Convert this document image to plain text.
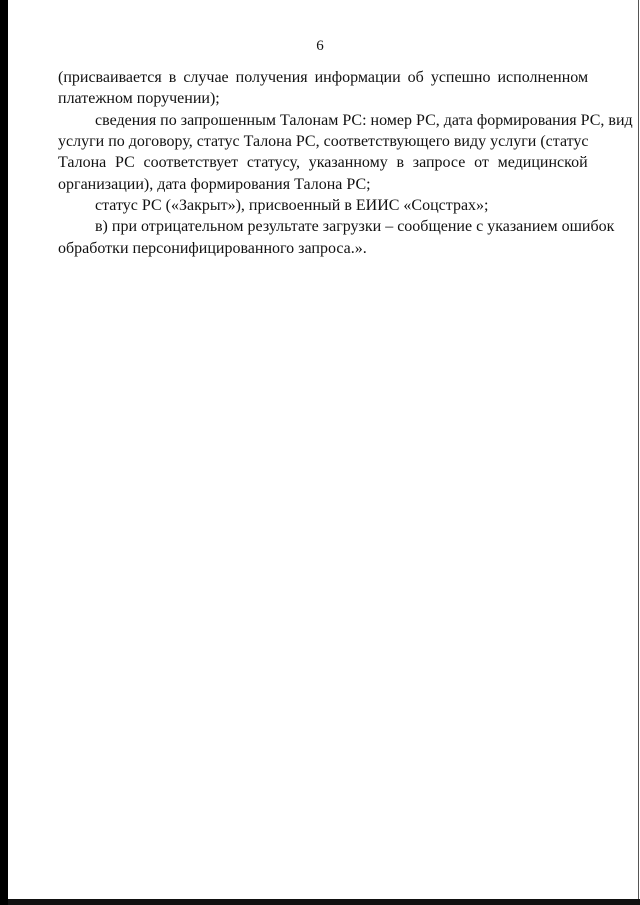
6
(присваивается в случае получения информации об успешно исполненном
платежном поручении);
сведения по запрошенным Талонам РС: номер РС, дата формирования РС, вид
услуги по договору, статус Талона РС, соответствующего виду услуги (статус
Талона РС соответствует статусу, указанному в запросе от медицинской
организации), дата формирования Талона РС;
статус РС («Закрыт»), присвоенный в ЕИИС «Соцстрах»;
в) при отрицательном результате загрузки – сообщение с указанием ошибок
обработки персонифицированного запроса.».
